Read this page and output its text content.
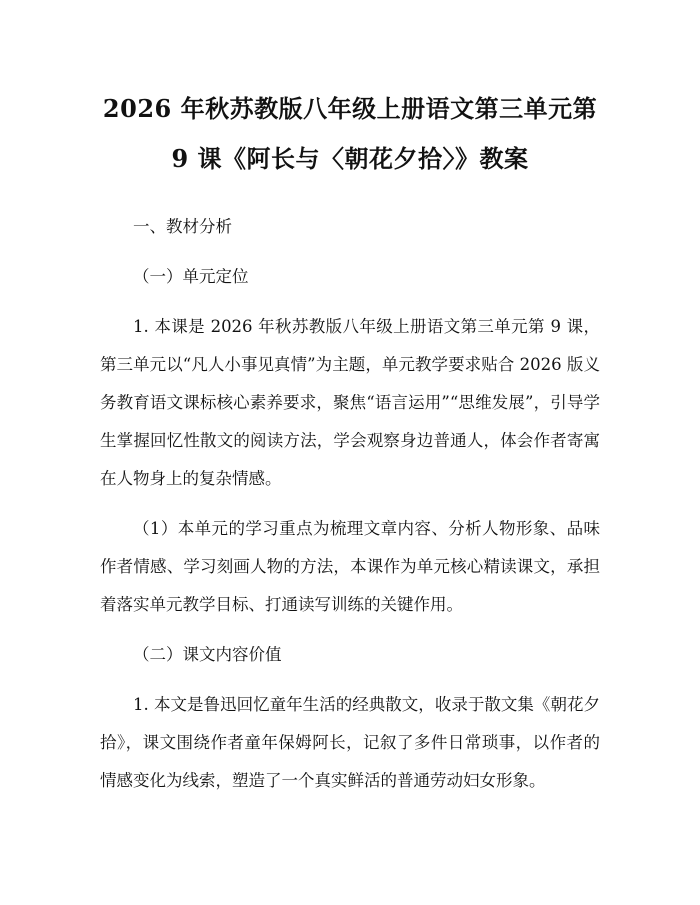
2026 年秋苏教版八年级上册语文第三单元第
9 课《阿长与〈朝花夕拾〉》教案

一、教材分析

（一）单元定位

1. 本课是 2026 年秋苏教版八年级上册语文第三单元第 9 课，第三单元以“凡人小事见真情”为主题，单元教学要求贴合 2026 版义务教育语文课标核心素养要求，聚焦“语言运用”“思维发展”，引导学生掌握回忆性散文的阅读方法，学会观察身边普通人，体会作者寄寓在人物身上的复杂情感。

（1）本单元的学习重点为梳理文章内容、分析人物形象、品味作者情感、学习刻画人物的方法，本课作为单元核心精读课文，承担着落实单元教学目标、打通读写训练的关键作用。

（二）课文内容价值

1. 本文是鲁迅回忆童年生活的经典散文，收录于散文集《朝花夕拾》，课文围绕作者童年保姆阿长，记叙了多件日常琐事，以作者的情感变化为线索，塑造了一个真实鲜活的普通劳动妇女形象。
